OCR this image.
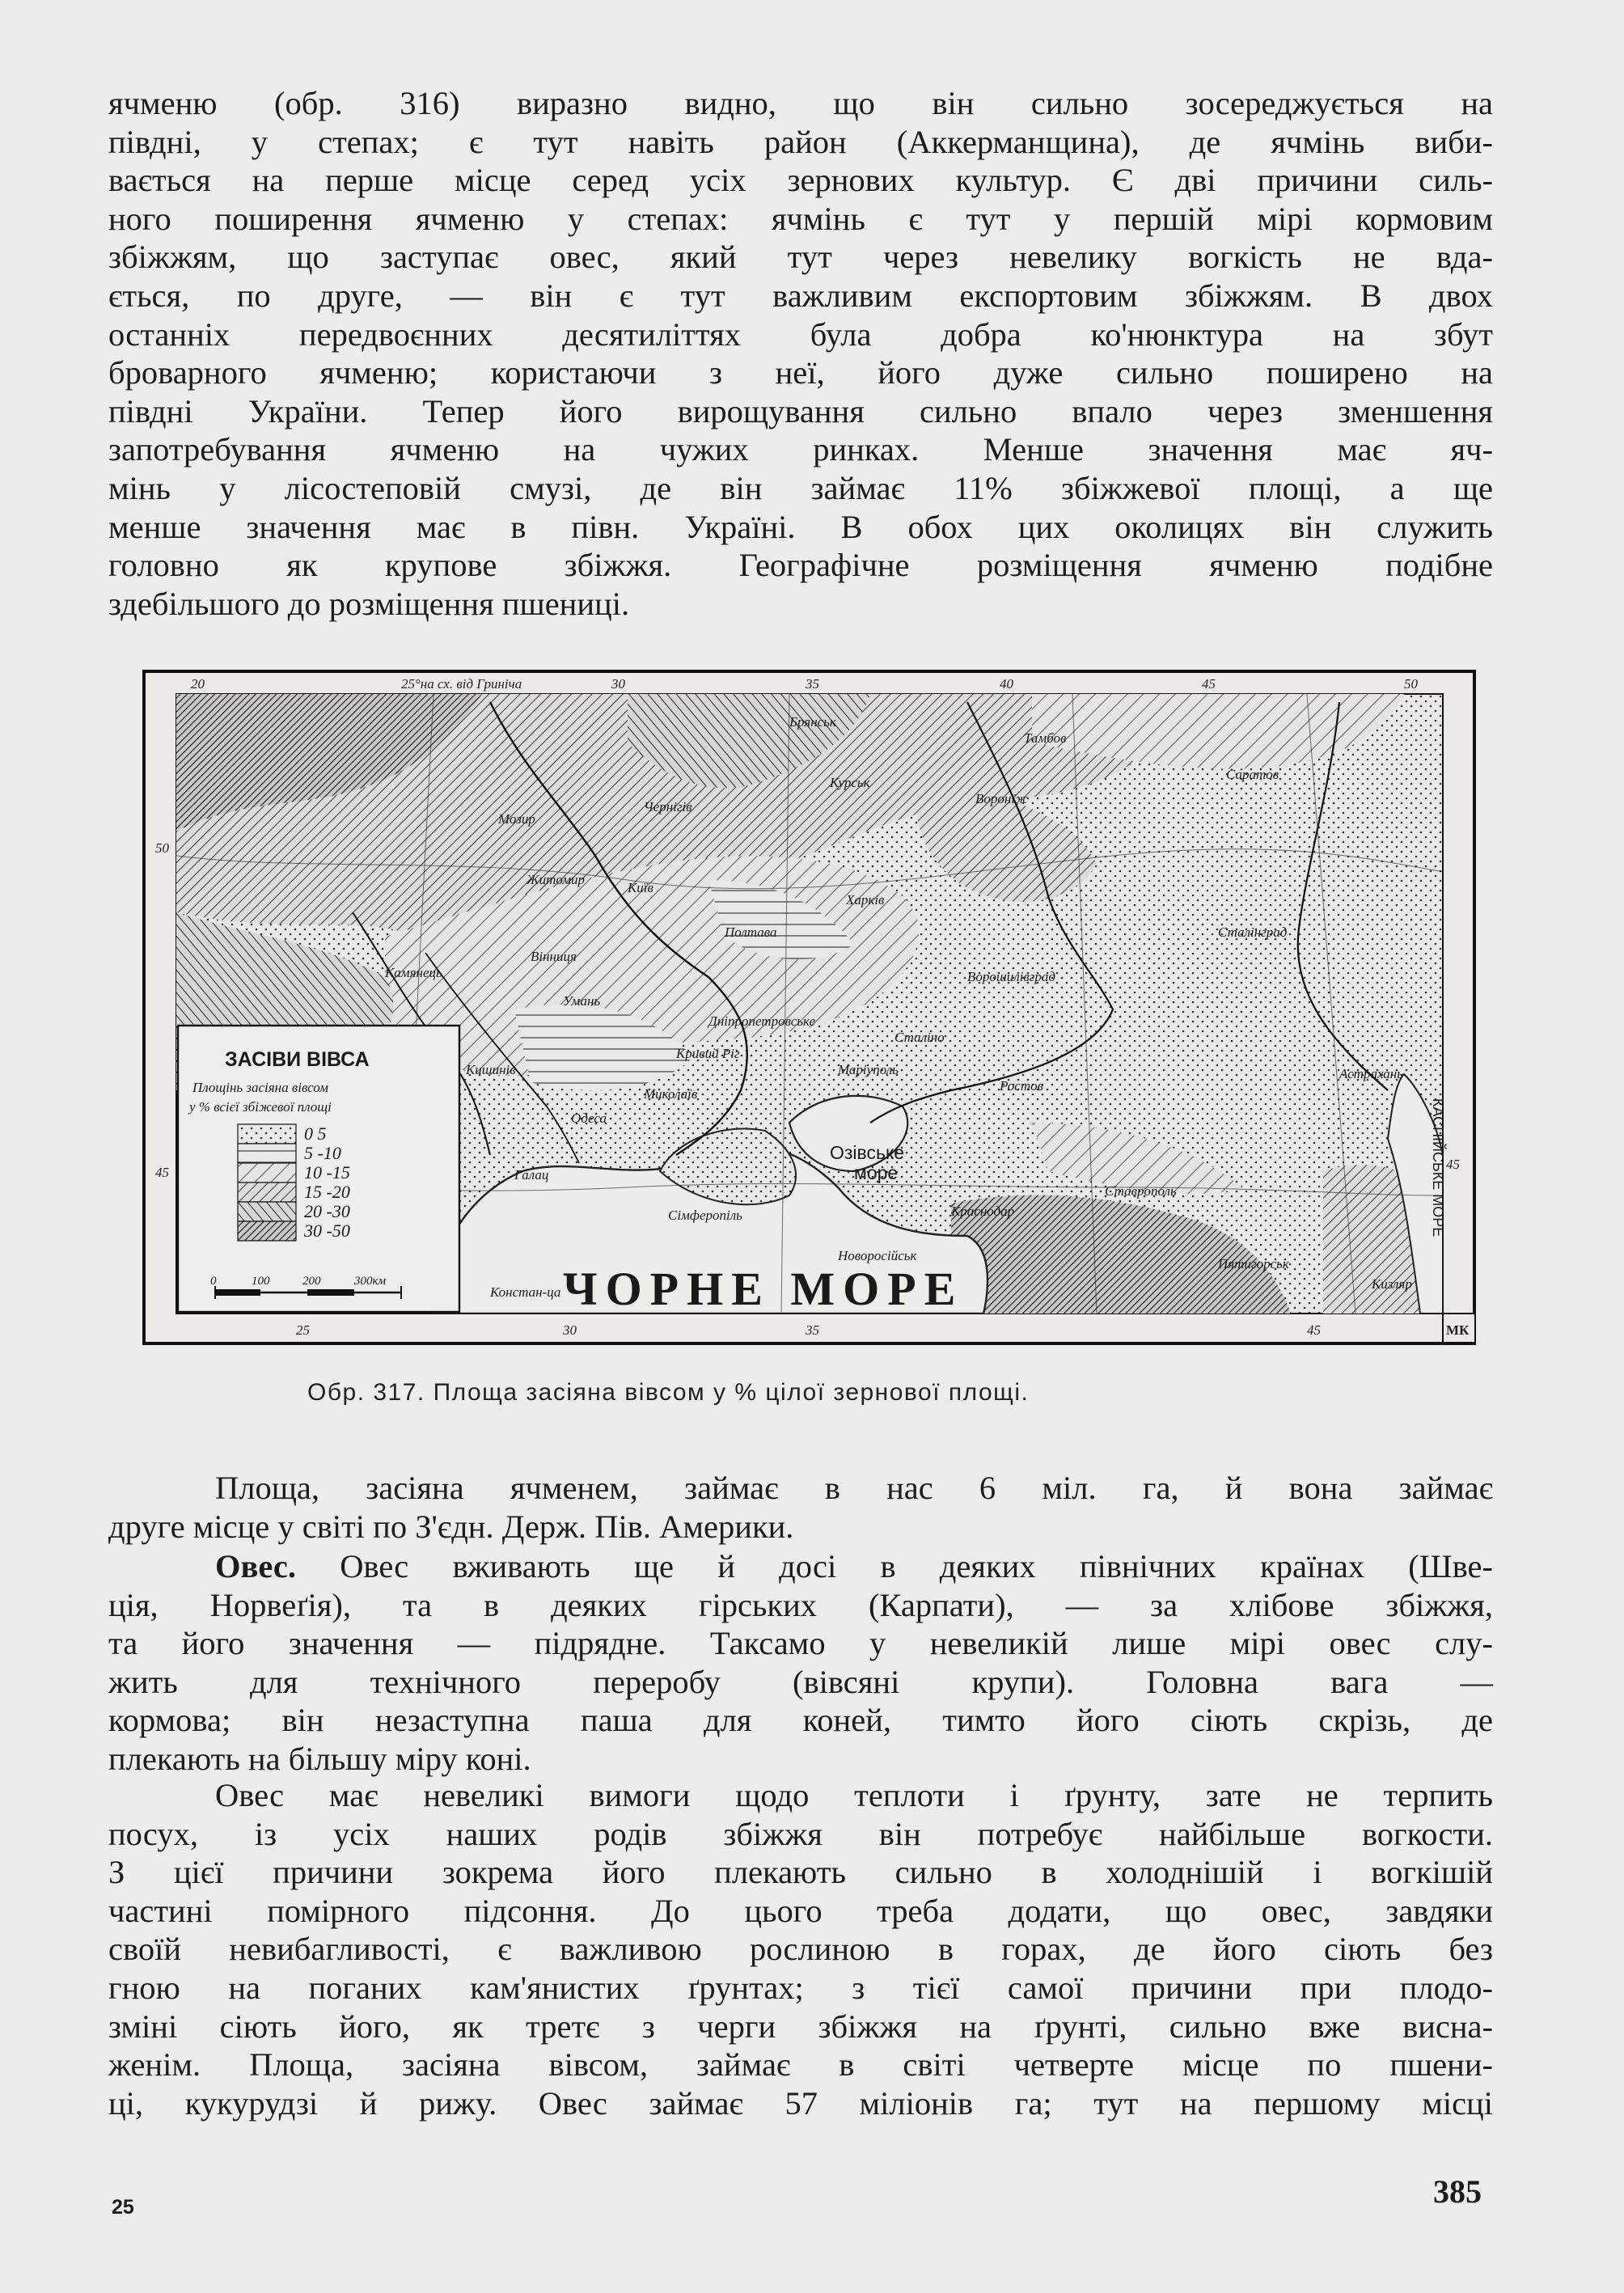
ячменю (обр. 316) виразно видно, що він сильно зосереджується на
півдні, у степах; є тут навіть район (Аккерманщина), де ячмінь виби-
вається на перше місце серед усіх зернових культур. Є дві причини силь-
ного поширення ячменю у степах: ячмінь є тут у першій мірі кормовим
збіжжям, що заступає овес, який тут через невелику вогкість не вда-
ється, по друге, — він є тут важливим експортовим збіжжям. В двох
останніх передвоєнних десятиліттях була добра ко'нюнктура на збут
броварного ячменю; користаючи з неї, його дуже сильно поширено на
півдні України. Тепер його вирощування сильно впало через зменшення
запотребування ячменю на чужих ринках. Менше значення має яч-
мінь у лісостеповій смузі, де він займає 11% збіжжевої площі, а ще
менше значення має в півн. Україні. В обох цих околицях він служить
головно як крупове збіжжя. Географічне розміщення ячменю подібне
здебільшого до розміщення пшениці.

20	25°на сх. від Гриніча	30	35	40	45	50
25	30	35	45
50
45
45
МК
Брянськ
Тамбов
Курськ
Воронїж
Саратов
Мозир
Чернігів
Житомир
Київ
Харків
Полтава
Вінниця
Камянець
Умань
Сталінград
Ворошилівград
Дніпропетровське
Сталіно
Кривий Ріг
Маріуполь
Миколаїв
Ростов
Одеса
Кишинів
Галац
Астрахань
Сімферопіль	Краснодар
Ставрополь
Новоросійськ
Пятигорськ
Кизляр
Озівське
море	КАСПІЙСЬКЕ МОРЕ
Констан-ца ЧОРНЕ МОРЕ
ЗАСІВИ ВІВСА
Площінь засіяна вівсом
у % всієї збіжевої площі
0 5
5 -10
10 -15
15 -20
20 -30
30 -50
0	100	200	300км
Обр. 317. Площа засіяна вівсом у % цілої зернової площі.

Площа, засіяна ячменем, займає в нас 6 міл. га, й вона займає
друге місце у світі по З'єдн. Держ. Пів. Америки.

Овес. Овес вживають ще й досі в деяких північних країнах (Шве-
ція, Норвеґія), та в деяких гірських (Карпати), — за хлібове збіжжя,
та його значення — підрядне. Таксамо у невеликій лише мірі овес слу-
жить для технічного переробу (вівсяні крупи). Головна вага —
кормова; він незаступна паша для коней, тимто його сіють скрізь, де
плекають на більшу міру коні.

Овес має невеликі вимоги щодо теплоти і ґрунту, зате не терпить
посух, із усіх наших родів збіжжя він потребує найбільше вогкости.
З цієї причини зокрема його плекають сильно в холоднішій і вогкішій
частині помірного підсоння. До цього треба додати, що овес, завдяки
своїй невибагливості, є важливою рослиною в горах, де його сіють без
гною на поганих кам'янистих ґрунтах; з тієї самої причини при плодо-
зміні сіють його, як третє з черги збіжжя на ґрунті, сильно вже висна-
женім. Площа, засіяна вівсом, займає в світі четверте місце по пшени-
ці, кукурудзі й рижу. Овес займає 57 міліонів га; тут на першому місці

25	385
